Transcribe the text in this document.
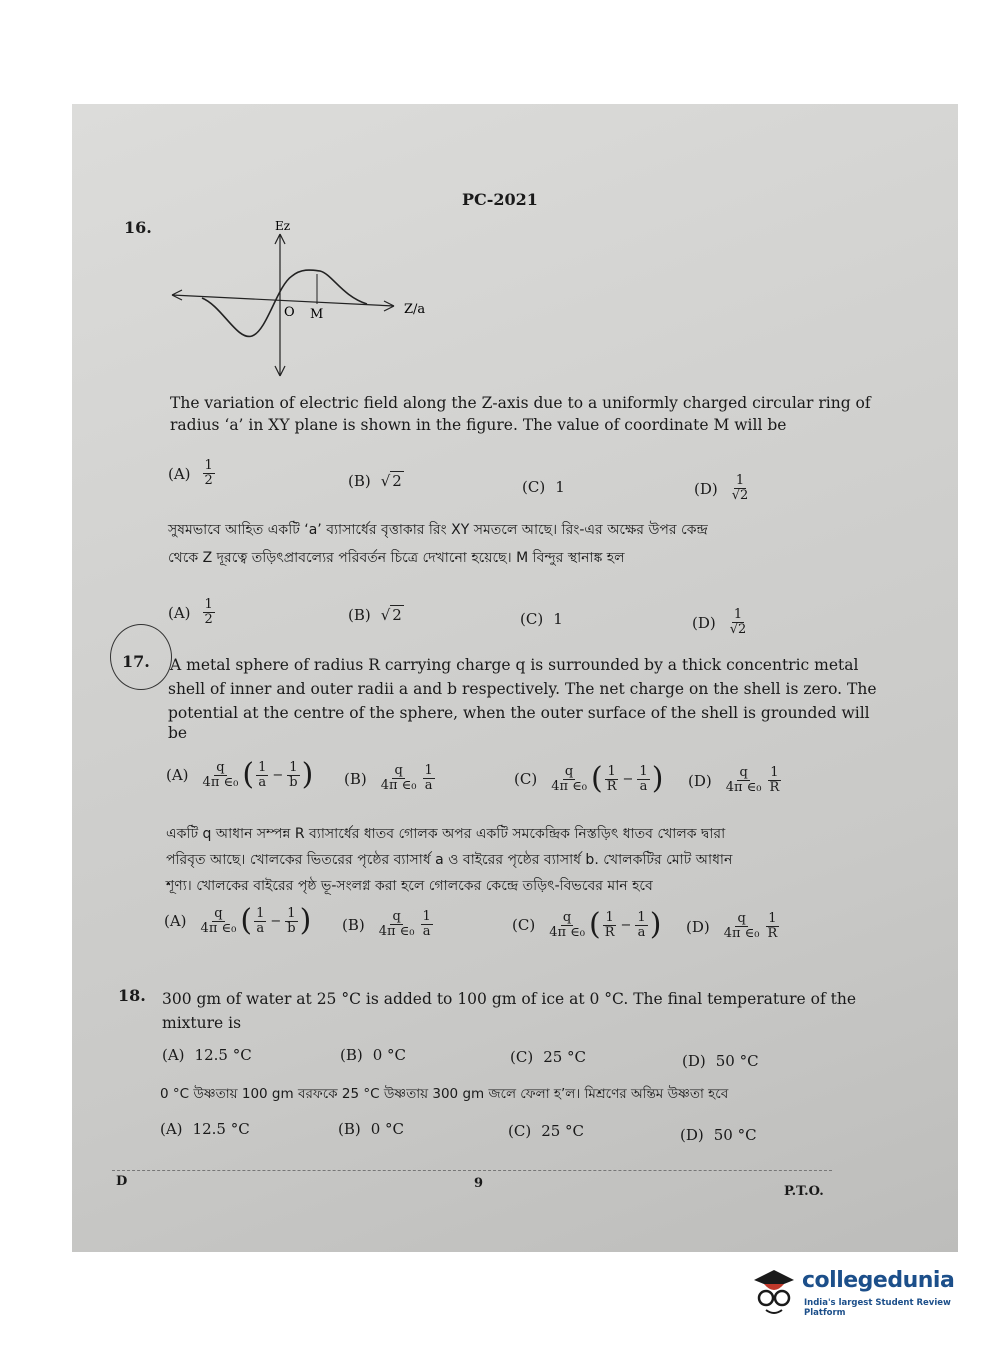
PC-2021
16.	Ez
Z/a
O M
The variation of electric field along the Z-axis due to a uniformly charged circular ring of
radius ‘a’ in XY plane is shown in the figure. The value of coordinate M will be
$(A) \frac{1}{2}$	(B) √ 2	(C) 1	$(D) \frac{1}{√2}$
সুষমভাবে আহিত একটি ‘a’ ব্যাসার্ধের বৃত্তাকার রিং XY সমতলে আছে। রিং-এর অক্ষের উপর কেন্দ্র
থেকে Z দূরত্বে তড়িৎপ্রাবল্যের পরিবর্তন চিত্রে দেখানো হয়েছে। M বিন্দুর স্থানাঙ্ক হল
$(A) \frac{1}{2}$	(B) √ 2	(C) 1	$(D) \frac{1}{√2}$
17. A metal sphere of radius R carrying charge q is surrounded by a thick concentric metal
shell of inner and outer radii a and b respectively. The net charge on the shell is zero. The
potential at the centre of the sphere, when the outer surface of the shell is grounded will
be
$(A) \frac{q}{\text{4π ∈₀}}$ ( $\frac{1}{a} - \frac{1}{b}$ ) $(B) \frac{q}{\text{4π ∈₀}} \frac{1}{a}$	$(C) \frac{q}{\text{4π ∈₀}}$ ( $\frac{1}{R} - \frac{1}{a}$ ) $(D) \frac{q}{\text{4π ∈₀}} \frac{1}{R}$
একটি q আধান সম্পন্ন R ব্যাসার্ধের ধাতব গোলক অপর একটি সমকেন্দ্রিক নিস্তড়িৎ ধাতব খোলক দ্বারা
পরিবৃত আছে। খোলকের ভিতরের পৃষ্ঠের ব্যাসার্ধ a ও বাইরের পৃষ্ঠের ব্যাসার্ধ b. খোলকটির মোট আধান
শূণ্য। খোলকের বাইরের পৃষ্ঠ ভূ-সংলগ্ন করা হলে গোলকের কেন্দ্রে তড়িৎ-বিভবের মান হবে
$(A) \frac{q}{\text{4π ∈₀}}$ ( $\frac{1}{a} - \frac{1}{b}$ ) $(B) \frac{q}{\text{4π ∈₀}} \frac{1}{a}$	$(C) \frac{q}{\text{4π ∈₀}}$ ( $\frac{1}{R} - \frac{1}{a}$ ) $(D) \frac{q}{\text{4π ∈₀}} \frac{1}{R}$
18. 300 gm of water at 25 °C is added to 100 gm of ice at 0 °C. The final temperature of the
mixture is
(A) 12.5 °C	(B) 0 °C	(C) 25 °C	(D) 50 °C
0 °C উষ্ণতায় 100 gm বরফকে 25 °C উষ্ণতায় 300 gm জলে ফেলা হ’ল। মিশ্রণের অন্তিম উষ্ণতা হবে
(A) 12.5 °C	(B) 0 °C	(C) 25 °C	(D) 50 °C
D	9
P.T.O.
collegedunia
India's largest Student Review Platform
